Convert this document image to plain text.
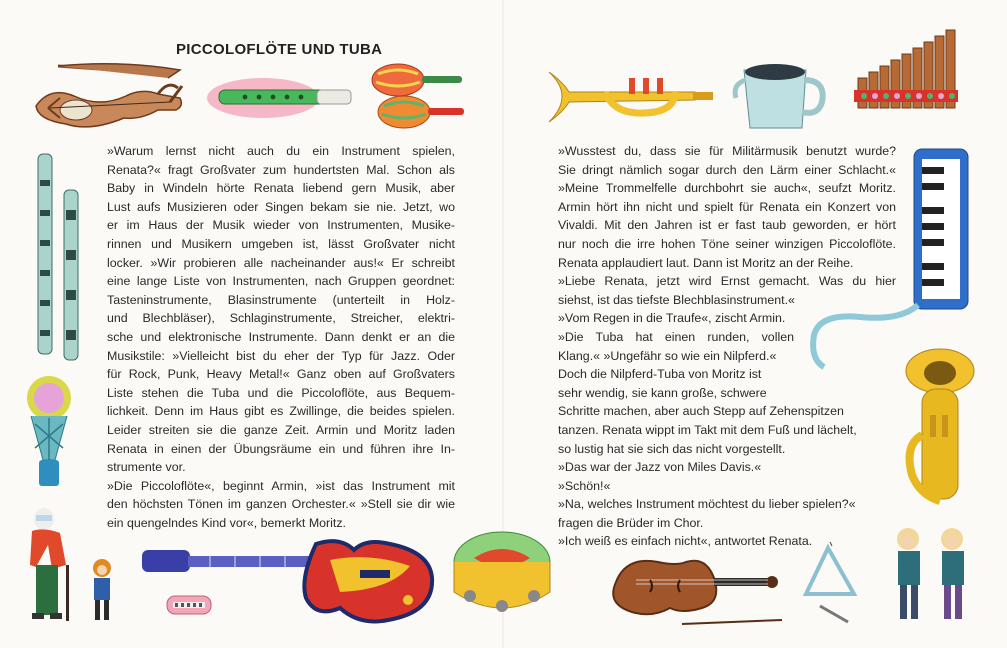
PICCOLOFLÖTE UND TUBA
»Warum lernst nicht auch du ein Instrument spielen,
Renata?« fragt Großvater zum hundertsten Mal. Schon als
Baby in Windeln hörte Renata liebend gern Musik, aber
Lust aufs Musizieren oder Singen bekam sie nie. Jetzt, wo
er im Haus der Musik wieder von Instrumenten, Musike-
rinnen und Musikern umgeben ist, lässt Großvater nicht
locker. »Wir probieren alle nacheinander aus!« Er schreibt
eine lange Liste von Instrumenten, nach Gruppen geordnet:
Tasteninstrumente, Blasinstrumente (unterteilt in Holz-
und Blechbläser), Schlaginstrumente, Streicher, elektri-
sche und elektronische Instrumente. Dann denkt er an die
Musikstile: »Vielleicht bist du eher der Typ für Jazz. Oder
für Rock, Punk, Heavy Metal!« Ganz oben auf Großvaters
Liste stehen die Tuba und die Piccoloflöte, aus Bequem-
lichkeit. Denn im Haus gibt es Zwillinge, die beides spielen.
Leider streiten sie die ganze Zeit. Armin und Moritz laden
Renata in einen der Übungsräume ein und führen ihre In-
strumente vor.
»Die Piccoloflöte«, beginnt Armin, »ist das Instrument mit
den höchsten Tönen im ganzen Orchester.« »Stell sie dir wie
ein quengelndes Kind vor«, bemerkt Moritz.
»Wusstest du, dass sie für Militärmusik benutzt wurde?
Sie dringt nämlich sogar durch den Lärm einer Schlacht.«
»Meine Trommelfelle durchbohrt sie auch«, seufzt Moritz.
Armin hört ihn nicht und spielt für Renata ein Konzert von
Vivaldi. Mit den Jahren ist er fast taub geworden, er hört
nur noch die irre hohen Töne seiner winzigen Piccoloflöte.
Renata applaudiert laut. Dann ist Moritz an der Reihe.
»Liebe Renata, jetzt wird Ernst gemacht. Was du hier
siehst, ist das tiefste Blechblasinstrument.«
»Vom Regen in die Traufe«, zischt Armin.
»Die Tuba hat einen runden, vollen
Klang.« »Ungefähr so wie ein Nilpferd.«
Doch die Nilpferd-Tuba von Moritz ist
sehr wendig, sie kann große, schwere
Schritte machen, aber auch Stepp auf Zehenspitzen
tanzen. Renata wippt im Takt mit dem Fuß und lächelt,
so lustig hat sie sich das nicht vorgestellt.
»Das war der Jazz von Miles Davis.«
»Schön!«
»Na, welches Instrument möchtest du lieber spielen?«
fragen die Brüder im Chor.
»Ich weiß es einfach nicht«, antwortet Renata.
